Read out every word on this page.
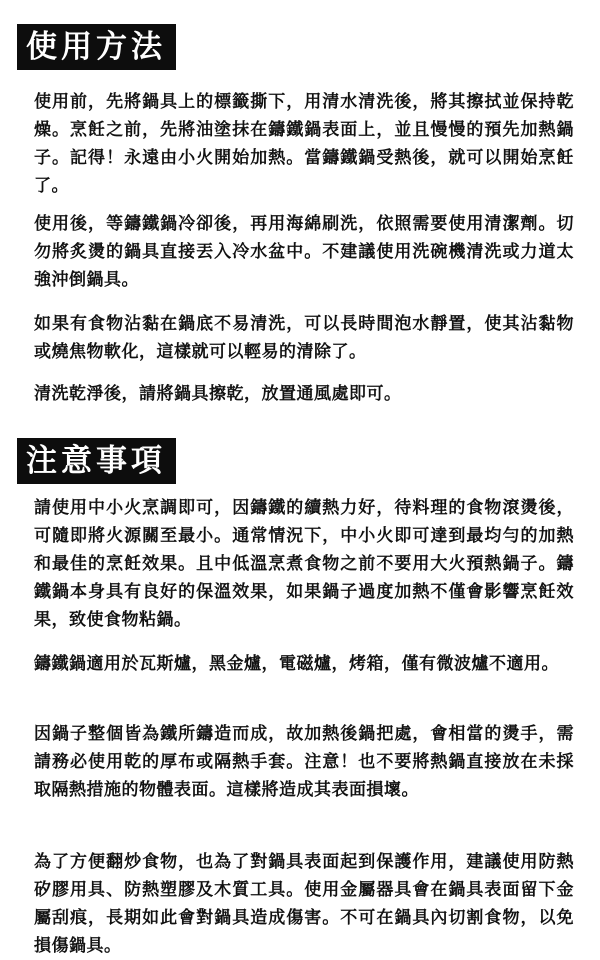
使用方法

使用前，先將鍋具上的標籤撕下，用清水清洗後，將其擦拭並保持乾燥。烹飪之前，先將油塗抹在鑄鐵鍋表面上，並且慢慢的預先加熱鍋子。記得！永遠由小火開始加熱。當鑄鐵鍋受熱後，就可以開始烹飪了。

使用後，等鑄鐵鍋冷卻後，再用海綿刷洗，依照需要使用清潔劑。切勿將炙燙的鍋具直接丟入冷水盆中。不建議使用洗碗機清洗或力道太強沖倒鍋具。

如果有食物沾黏在鍋底不易清洗，可以長時間泡水靜置，使其沾黏物或燒焦物軟化，這樣就可以輕易的清除了。

清洗乾淨後，請將鍋具擦乾，放置通風處即可。

注意事項

請使用中小火烹調即可，因鑄鐵的續熱力好，待料理的食物滾燙後，可隨即將火源關至最小。通常情況下，中小火即可達到最均勻的加熱和最佳的烹飪效果。且中低溫烹煮食物之前不要用大火預熱鍋子。鑄鐵鍋本身具有良好的保溫效果，如果鍋子過度加熱不僅會影響烹飪效果，致使食物粘鍋。

鑄鐵鍋適用於瓦斯爐，黑金爐，電磁爐，烤箱，僅有微波爐不適用。

因鍋子整個皆為鐵所鑄造而成，故加熱後鍋把處，會相當的燙手，需請務必使用乾的厚布或隔熱手套。注意！也不要將熱鍋直接放在未採取隔熱措施的物體表面。這樣將造成其表面損壞。

為了方便翻炒食物，也為了對鍋具表面起到保護作用，建議使用防熱矽膠用具、防熱塑膠及木質工具。使用金屬器具會在鍋具表面留下金屬刮痕，長期如此會對鍋具造成傷害。不可在鍋具內切割食物，以免損傷鍋具。
